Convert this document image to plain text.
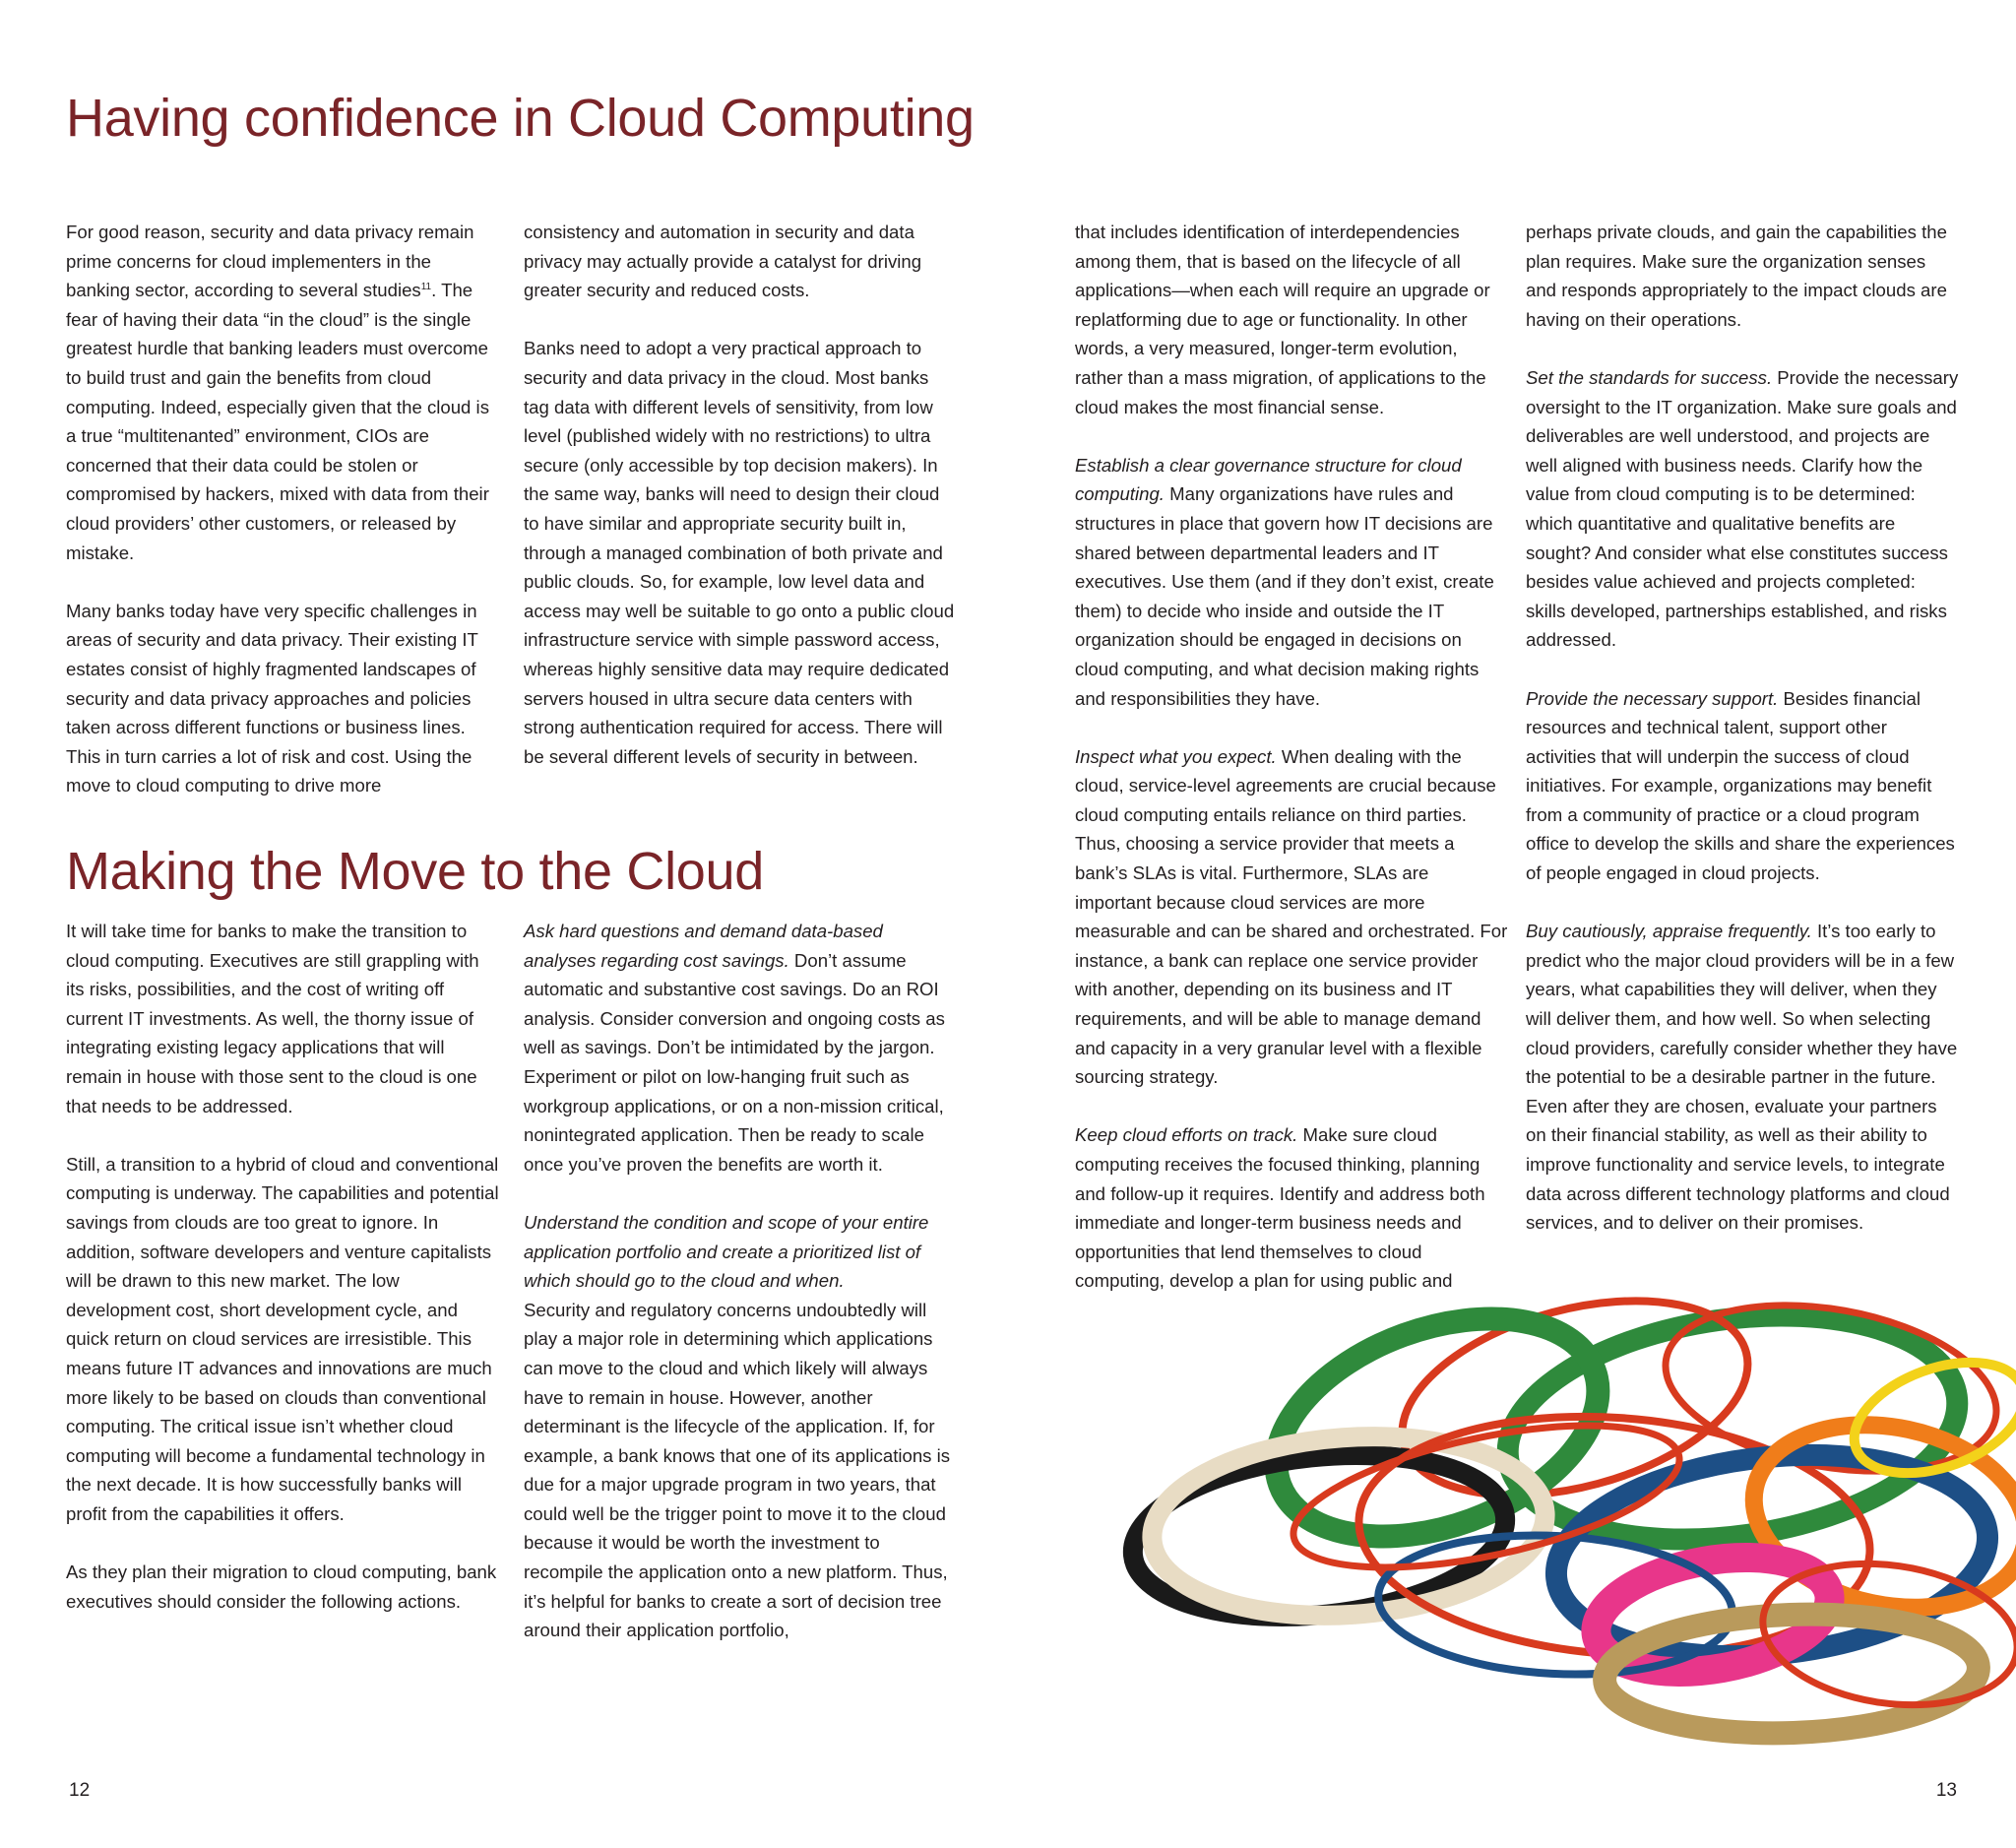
Having confidence in Cloud Computing

For good reason, security and data privacy remain prime concerns for cloud implementers in the banking sector, according to several studies$^{11}$. The fear of having their data “in the cloud” is the single greatest hurdle that banking leaders must overcome to build trust and gain the benefits from cloud computing. Indeed, especially given that the cloud is a true “multitenanted” environment, CIOs are concerned that their data could be stolen or compromised by hackers, mixed with data from their cloud providers’ other customers, or released by mistake.

Many banks today have very specific challenges in areas of security and data privacy. Their existing IT estates consist of highly fragmented landscapes of security and data privacy approaches and policies taken across different functions or business lines. This in turn carries a lot of risk and cost. Using the move to cloud computing to drive more

consistency and automation in security and data privacy may actually provide a catalyst for driving greater security and reduced costs.

Banks need to adopt a very practical approach to security and data privacy in the cloud. Most banks tag data with different levels of sensitivity, from low level (published widely with no restrictions) to ultra secure (only accessible by top decision makers). In the same way, banks will need to design their cloud to have similar and appropriate security built in, through a managed combination of both private and public clouds. So, for example, low level data and access may well be suitable to go onto a public cloud infrastructure service with simple password access, whereas highly sensitive data may require dedicated servers housed in ultra secure data centers with strong authentication required for access. There will be several different levels of security in between.

Making the Move to the Cloud

It will take time for banks to make the transition to cloud computing. Executives are still grappling with its risks, possibilities, and the cost of writing off current IT investments. As well, the thorny issue of integrating existing legacy applications that will remain in house with those sent to the cloud is one that needs to be addressed.

Still, a transition to a hybrid of cloud and conventional computing is underway. The capabilities and potential savings from clouds are too great to ignore. In addition, software developers and venture capitalists will be drawn to this new market. The low development cost, short development cycle, and quick return on cloud services are irresistible. This means future IT advances and innovations are much more likely to be based on clouds than conventional computing. The critical issue isn’t whether cloud computing will become a fundamental technology in the next decade. It is how successfully banks will profit from the capabilities it offers.

As they plan their migration to cloud computing, bank executives should consider the following actions.

Ask hard questions and demand data-based analyses regarding cost savings. Don’t assume automatic and substantive cost savings. Do an ROI analysis. Consider conversion and ongoing costs as well as savings. Don’t be intimidated by the jargon. Experiment or pilot on low-hanging fruit such as workgroup applications, or on a non-mission critical, nonintegrated application. Then be ready to scale once you’ve proven the benefits are worth it.

Understand the condition and scope of your entire application portfolio and create a prioritized list of which should go to the cloud and when.
Security and regulatory concerns undoubtedly will play a major role in determining which applications can move to the cloud and which likely will always have to remain in house. However, another determinant is the lifecycle of the application. If, for example, a bank knows that one of its applications is due for a major upgrade program in two years, that could well be the trigger point to move it to the cloud because it would be worth the investment to recompile the application onto a new platform. Thus, it’s helpful for banks to create a sort of decision tree around their application portfolio,

that includes identification of interdependencies among them, that is based on the lifecycle of all applications—when each will require an upgrade or replatforming due to age or functionality. In other words, a very measured, longer-term evolution, rather than a mass migration, of applications to the cloud makes the most financial sense.

Establish a clear governance structure for cloud computing. Many organizations have rules and structures in place that govern how IT decisions are shared between departmental leaders and IT executives. Use them (and if they don’t exist, create them) to decide who inside and outside the IT organization should be engaged in decisions on cloud computing, and what decision making rights and responsibilities they have.

Inspect what you expect. When dealing with the cloud, service-level agreements are crucial because cloud computing entails reliance on third parties. Thus, choosing a service provider that meets a bank’s SLAs is vital. Furthermore, SLAs are important because cloud services are more measurable and can be shared and orchestrated. For instance, a bank can replace one service provider with another, depending on its business and IT requirements, and will be able to manage demand and capacity in a very granular level with a flexible sourcing strategy.

Keep cloud efforts on track. Make sure cloud computing receives the focused thinking, planning and follow-up it requires. Identify and address both immediate and longer-term business needs and opportunities that lend themselves to cloud computing, develop a plan for using public and

perhaps private clouds, and gain the capabilities the plan requires. Make sure the organization senses and responds appropriately to the impact clouds are having on their operations.

Set the standards for success. Provide the necessary oversight to the IT organization. Make sure goals and deliverables are well understood, and projects are well aligned with business needs. Clarify how the value from cloud computing is to be determined: which quantitative and qualitative benefits are sought? And consider what else constitutes success besides value achieved and projects completed: skills developed, partnerships established, and risks addressed.

Provide the necessary support. Besides financial resources and technical talent, support other activities that will underpin the success of cloud initiatives. For example, organizations may benefit from a community of practice or a cloud program office to develop the skills and share the experiences of people engaged in cloud projects.

Buy cautiously, appraise frequently. It’s too early to predict who the major cloud providers will be in a few years, what capabilities they will deliver, when they will deliver them, and how well. So when selecting cloud providers, carefully consider whether they have the potential to be a desirable partner in the future. Even after they are chosen, evaluate your partners on their financial stability, as well as their ability to improve functionality and service levels, to integrate data across different technology platforms and cloud services, and to deliver on their promises.

12	13
